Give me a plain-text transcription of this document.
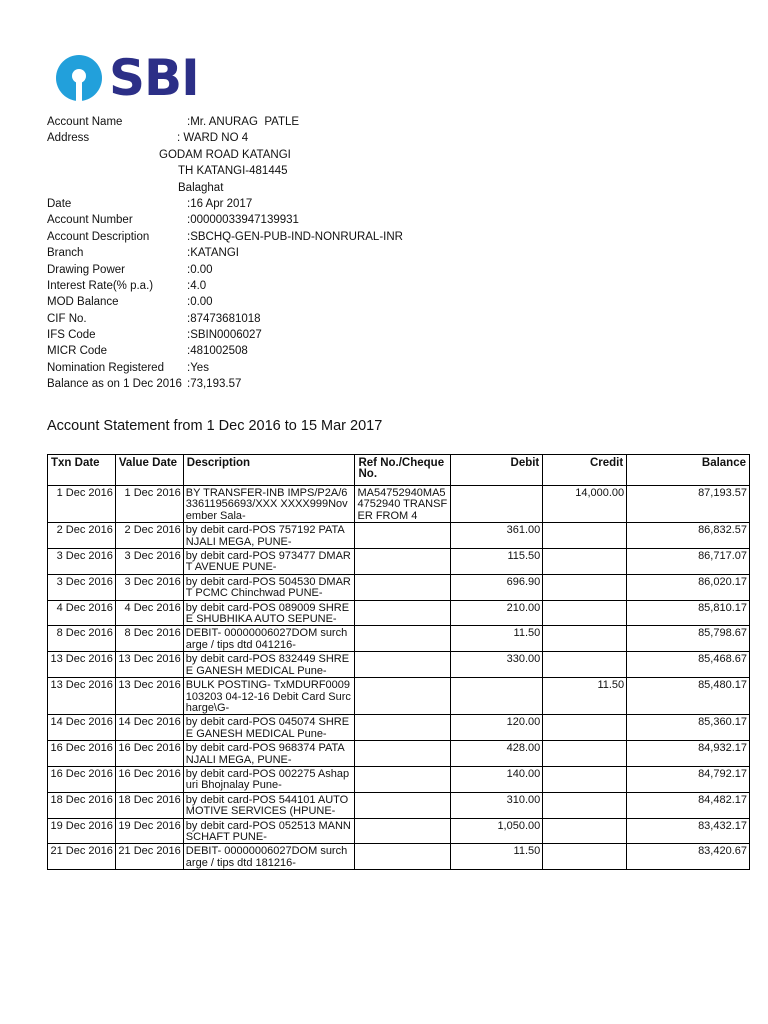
SBI
Account Name	:Mr. ANURAG  PATLE
Address	: WARD NO 4
GODAM ROAD KATANGI
TH KATANGI-481445
Balaghat
Date	:16 Apr 2017
Account Number	:00000033947139931
Account Description	:SBCHQ-GEN-PUB-IND-NONRURAL-INR
Branch	:KATANGI
Drawing Power	:0.00
Interest Rate(% p.a.)	:4.0
MOD Balance	:0.00
CIF No.	:87473681018
IFS Code	:SBIN0006027
MICR Code	:481002508
Nomination Registered	:Yes
Balance as on 1 Dec 2016 :73,193.57
Account Statement from 1 Dec 2016 to 15 Mar 2017
Txn Date	Value Date	Description	Ref No./Cheque No.	Debit	Credit	Balance
1 Dec 2016	1 Dec 2016	BY TRANSFER-INB IMPS/P2A/633611956693/XXX XXXX999November Sala-	MA54752940MA5 4752940 TRANSFER FROM 4		14,000.00	87,193.57
2 Dec 2016	2 Dec 2016	by debit card-POS 757192 PATANJALI MEGA, PUNE-		361.00		86,832.57
3 Dec 2016	3 Dec 2016	by debit card-POS 973477 DMART AVENUE PUNE-		115.50		86,717.07
3 Dec 2016	3 Dec 2016	by debit card-POS 504530 DMART PCMC Chinchwad PUNE-		696.90		86,020.17
4 Dec 2016	4 Dec 2016	by debit card-POS 089009 SHREE SHUBHIKA AUTO SEPUNE-		210.00		85,810.17
8 Dec 2016	8 Dec 2016	DEBIT- 00000006027DOM surcharge / tips dtd 041216-		11.50		85,798.67
13 Dec 2016	13 Dec 2016	by debit card-POS 832449 SHREE GANESH MEDICAL Pune-		330.00		85,468.67
13 Dec 2016	13 Dec 2016	BULK POSTING- TxMDURF0009103203 04-12-16 Debit Card Surcharge\G-			11.50	85,480.17
14 Dec 2016	14 Dec 2016	by debit card-POS 045074 SHREE GANESH MEDICAL Pune-		120.00		85,360.17
16 Dec 2016	16 Dec 2016	by debit card-POS 968374 PATANJALI MEGA, PUNE-		428.00		84,932.17
16 Dec 2016	16 Dec 2016	by debit card-POS 002275 Ashapuri Bhojnalay Pune-		140.00		84,792.17
18 Dec 2016	18 Dec 2016	by debit card-POS 544101 AUTOMOTIVE SERVICES (HPUNE-		310.00		84,482.17
19 Dec 2016	19 Dec 2016	by debit card-POS 052513 MANNSCHAFT PUNE-		1,050.00		83,432.17
21 Dec 2016	21 Dec 2016	DEBIT- 00000006027DOM surcharge / tips dtd 181216-		11.50		83,420.67
